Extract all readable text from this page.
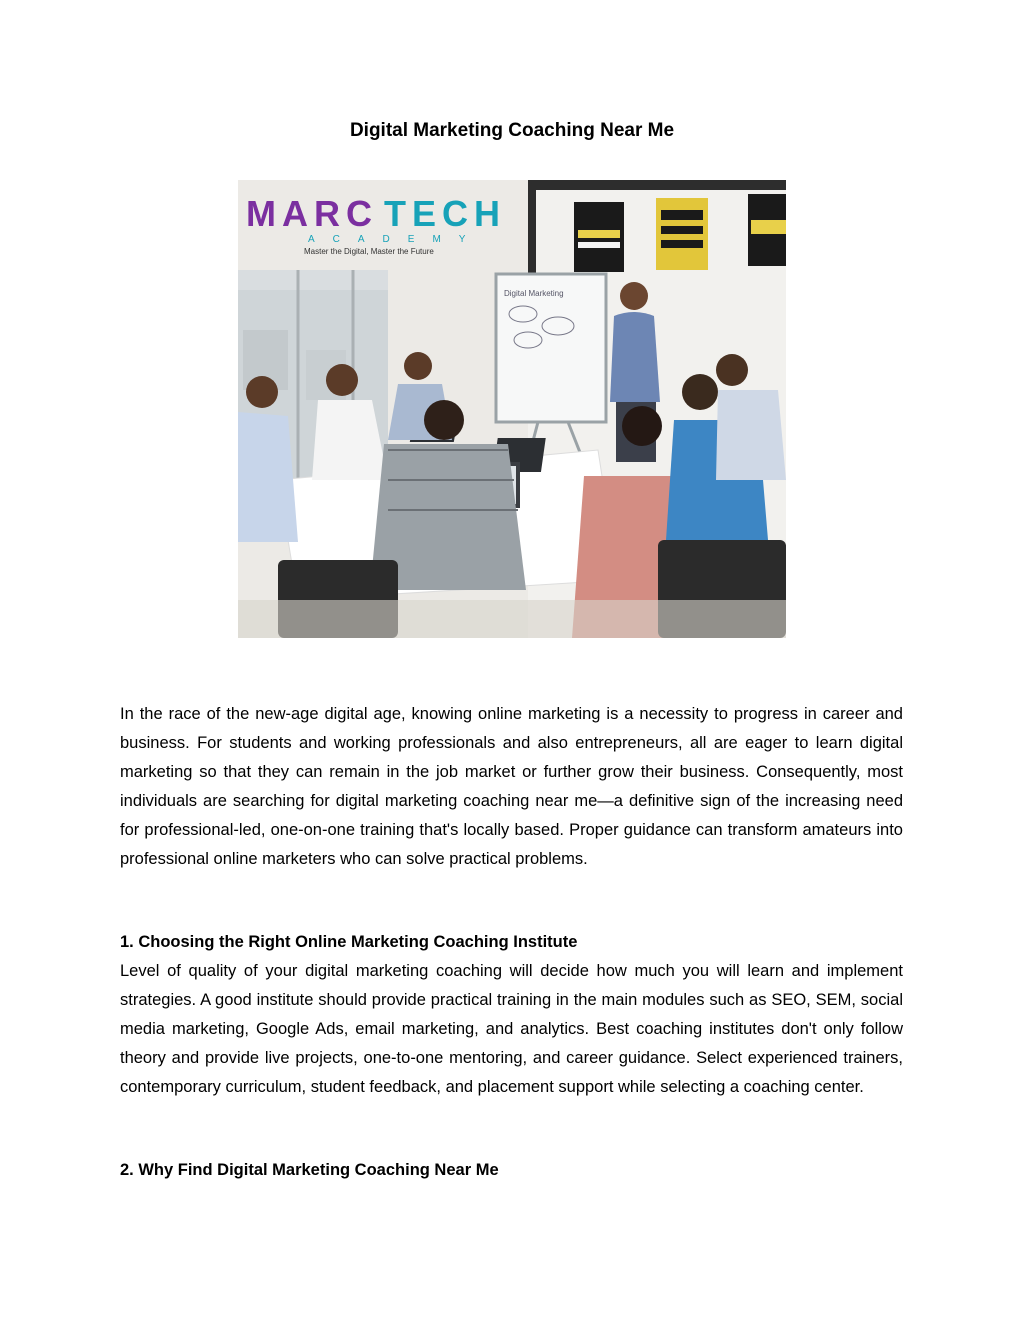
Digital Marketing Coaching Near Me
MARC TECH
ACADEMY
Master the Digital, Master the Future
Digital Marketing
In the race of the new-age digital age, knowing online marketing is a necessity to progress in career and business. For students and working professionals and also entrepreneurs, all are eager to learn digital marketing so that they can remain in the job market or further grow their business. Consequently, most individuals are searching for digital marketing coaching near me—a definitive sign of the increasing need for professional-led, one-on-one training that's locally based. Proper guidance can transform amateurs into professional online marketers who can solve practical problems.
1. Choosing the Right Online Marketing Coaching Institute
Level of quality of your digital marketing coaching will decide how much you will learn and implement strategies. A good institute should provide practical training in the main modules such as SEO, SEM, social media marketing, Google Ads, email marketing, and analytics. Best coaching institutes don't only follow theory and provide live projects, one-to-one mentoring, and career guidance. Select experienced trainers, contemporary curriculum, student feedback, and placement support while selecting a coaching center.
2. Why Find Digital Marketing Coaching Near Me
